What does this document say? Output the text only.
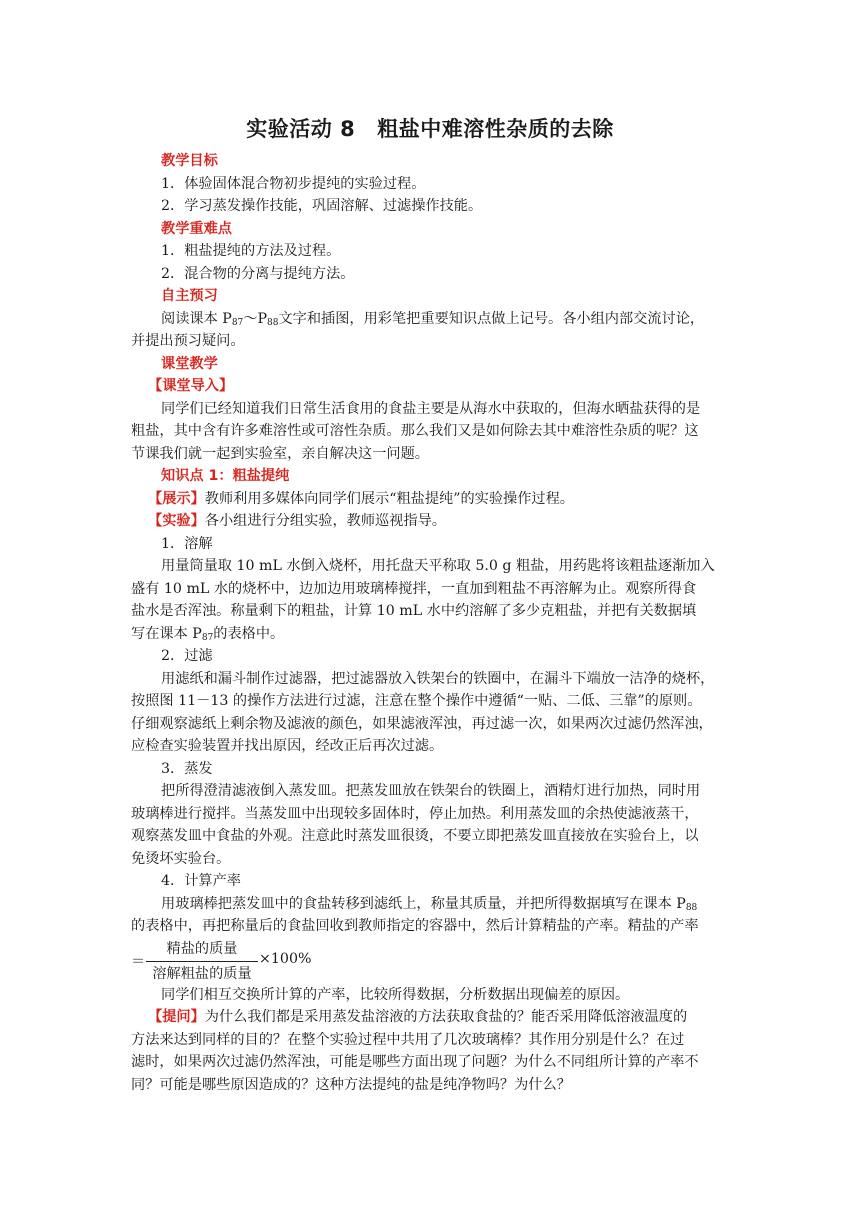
实验活动 8 粗盐中难溶性杂质的去除
教学目标
1．体验固体混合物初步提纯的实验过程。
2．学习蒸发操作技能，巩固溶解、过滤操作技能。
教学重难点
1．粗盐提纯的方法及过程。
2．混合物的分离与提纯方法。
自主预习
阅读课本 $P_{87}\sim P_{88}$文字和插图，用彩笔把重要知识点做上记号。各小组内部交流讨论，
并提出预习疑问。
课堂教学
【课堂导入】
同学们已经知道我们日常生活食用的食盐主要是从海水中获取的，但海水晒盐获得的是
粗盐，其中含有许多难溶性或可溶性杂质。那么我们又是如何除去其中难溶性杂质的呢？这
节课我们就一起到实验室，亲自解决这一问题。
知识点 1：粗盐提纯
【展示】教师利用多媒体向同学们展示“粗盐提纯”的实验操作过程。
【实验】各小组进行分组实验，教师巡视指导。
1．溶解
用量筒量取 10 mL 水倒入烧杯，用托盘天平称取 5.0 g 粗盐，用药匙将该粗盐逐渐加入
盛有 10 mL 水的烧杯中，边加边用玻璃棒搅拌，一直加到粗盐不再溶解为止。观察所得食
盐水是否浑浊。称量剩下的粗盐，计算 10 mL 水中约溶解了多少克粗盐，并把有关数据填
写在课本 $P_{87}$的表格中。
2．过滤
用滤纸和漏斗制作过滤器，把过滤器放入铁架台的铁圈中，在漏斗下端放一洁净的烧杯，
按照图 11－13 的操作方法进行过滤，注意在整个操作中遵循“一贴、二低、三靠”的原则。
仔细观察滤纸上剩余物及滤液的颜色，如果滤液浑浊，再过滤一次，如果两次过滤仍然浑浊，
应检查实验装置并找出原因，经改正后再次过滤。
3．蒸发
把所得澄清滤液倒入蒸发皿。把蒸发皿放在铁架台的铁圈上，酒精灯进行加热，同时用
玻璃棒进行搅拌。当蒸发皿中出现较多固体时，停止加热。利用蒸发皿的余热使滤液蒸干，
观察蒸发皿中食盐的外观。注意此时蒸发皿很烫，不要立即把蒸发皿直接放在实验台上，以
免烫坏实验台。
4．计算产率
用玻璃棒把蒸发皿中的食盐转移到滤纸上，称量其质量，并把所得数据填写在课本 $P_{88}$
的表格中，再把称量后的食盐回收到教师指定的容器中，然后计算精盐的产率。精盐的产率
＝
精盐的质量
溶解粗盐的质量
×100%
同学们相互交换所计算的产率，比较所得数据，分析数据出现偏差的原因。
【提问】为什么我们都是采用蒸发盐溶液的方法获取食盐的？能否采用降低溶液温度的
方法来达到同样的目的？在整个实验过程中共用了几次玻璃棒？其作用分别是什么？在过
滤时，如果两次过滤仍然浑浊，可能是哪些方面出现了问题？为什么不同组所计算的产率不
同？可能是哪些原因造成的？这种方法提纯的盐是纯净物吗？为什么？
